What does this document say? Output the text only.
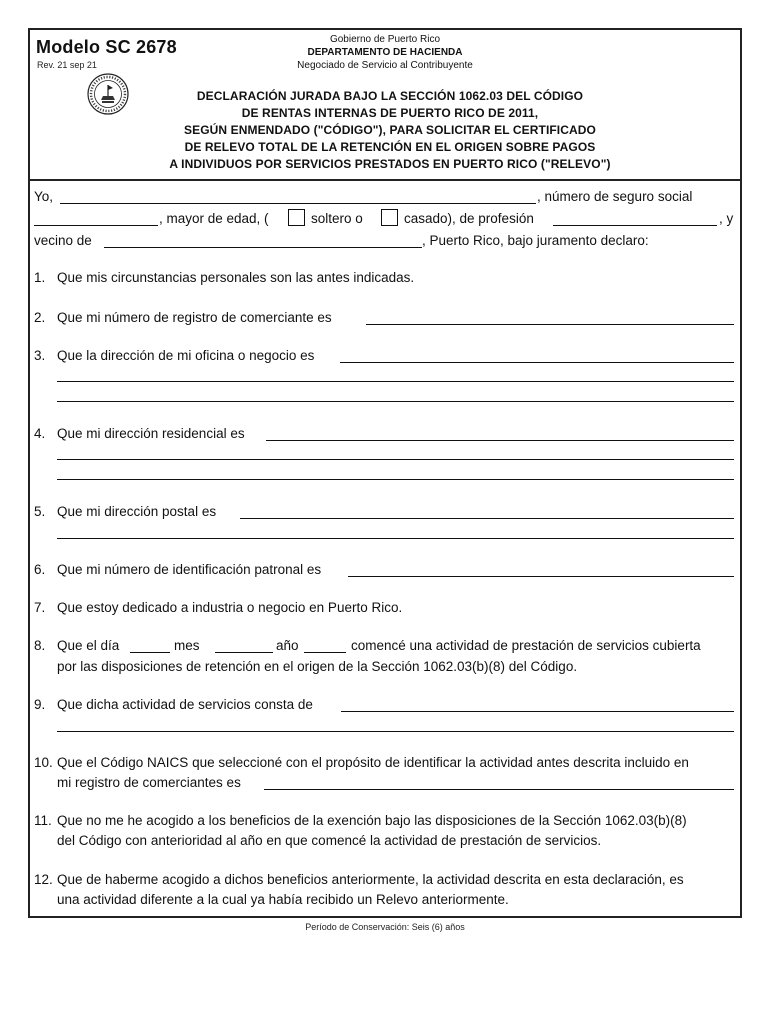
Modelo SC 2678
Rev. 21 sep 21
Gobierno de Puerto Rico
DEPARTAMENTO DE HACIENDA
Negociado de Servicio al Contribuyente
DECLARACIÓN JURADA BAJO LA SECCIÓN 1062.03 DEL CÓDIGO
DE RENTAS INTERNAS DE PUERTO RICO DE 2011,
SEGÚN ENMENDADO ("CÓDIGO"), PARA SOLICITAR EL CERTIFICADO
DE RELEVO TOTAL DE LA RETENCIÓN EN EL ORIGEN SOBRE PAGOS
A INDIVIDUOS POR SERVICIOS PRESTADOS EN PUERTO RICO ("RELEVO")
Yo,	, número de seguro social
, mayor de edad, (	soltero o	casado), de profesión	, y
vecino de	, Puerto Rico, bajo juramento declaro:
1. Que mis circunstancias personales son las antes indicadas.
2. Que mi número de registro de comerciante es
3. Que la dirección de mi oficina o negocio es
4. Que mi dirección residencial es
5. Que mi dirección postal es
6. Que mi número de identificación patronal es
7. Que estoy dedicado a industria o negocio en Puerto Rico.
8. Que el día	mes	año	comencé una actividad de prestación de servicios cubierta
por las disposiciones de retención en el origen de la Sección 1062.03(b)(8) del Código.
9. Que dicha actividad de servicios consta de
10. Que el Código NAICS que seleccioné con el propósito de identificar la actividad antes descrita incluido en
mi registro de comerciantes es
11. Que no me he acogido a los beneficios de la exención bajo las disposiciones de la Sección 1062.03(b)(8)
del Código con anterioridad al año en que comencé la actividad de prestación de servicios.
12. Que de haberme acogido a dichos beneficios anteriormente, la actividad descrita en esta declaración, es
una actividad diferente a la cual ya había recibido un Relevo anteriormente.
Período de Conservación: Seis (6) años
